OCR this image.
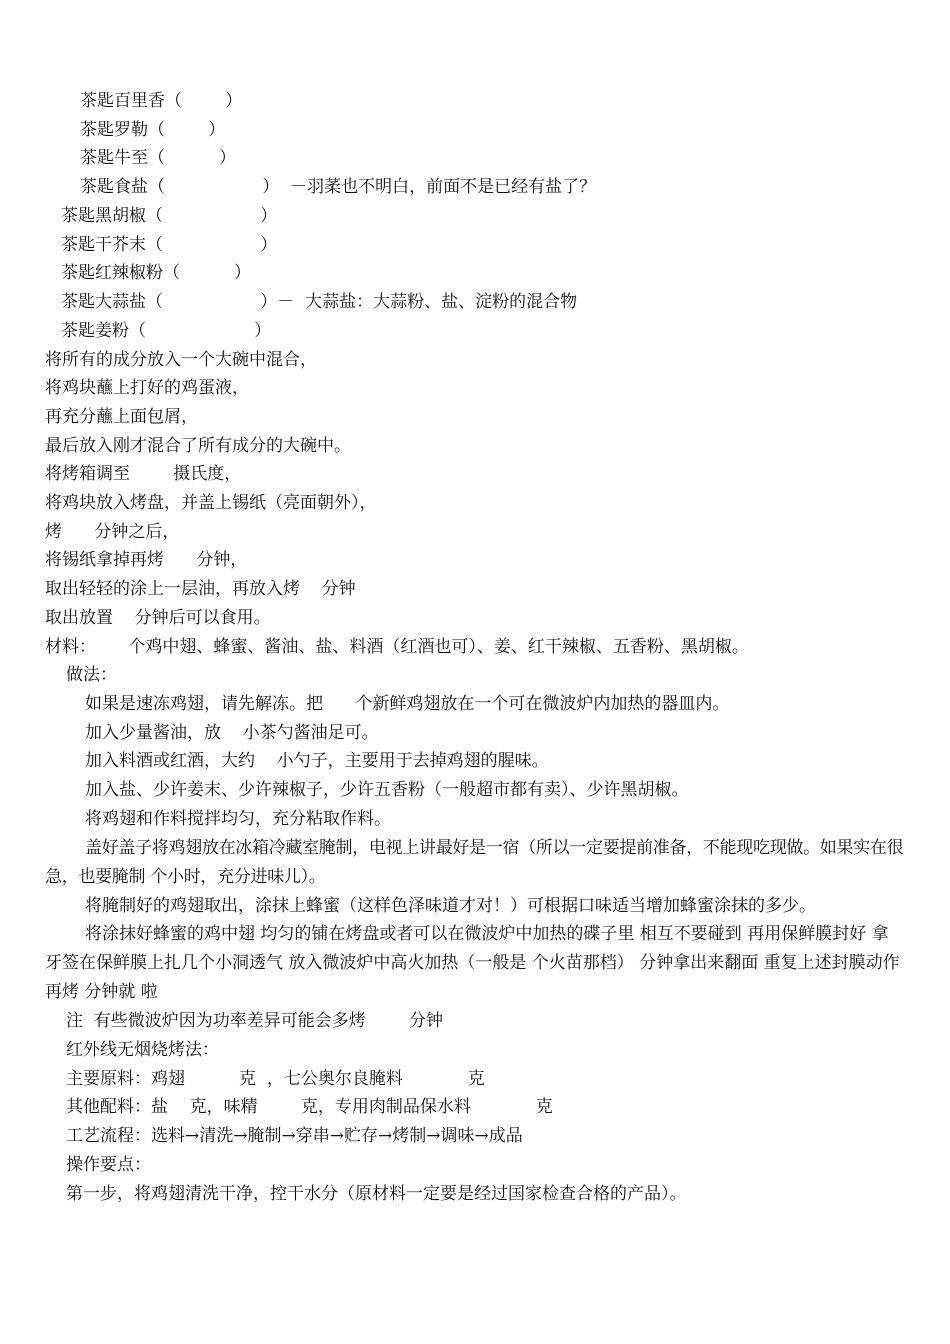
茶匙百里香（        ）
茶匙罗勒（        ）
茶匙牛至（          ）
茶匙食盐（                  ）  －羽葇也不明白，前面不是已经有盐了？
茶匙黑胡椒（                  ）
茶匙干芥末（                  ）
茶匙红辣椒粉（          ）
茶匙大蒜盐（                  ）－  大蒜盐：大蒜粉、盐、淀粉的混合物
茶匙姜粉（                    ）
将所有的成分放入一个大碗中混合，
将鸡块蘸上打好的鸡蛋液，
再充分蘸上面包屑，
最后放入刚才混合了所有成分的大碗中。
将烤箱调至        摄氏度，
将鸡块放入烤盘，并盖上锡纸（亮面朝外），
烤      分钟之后，
将锡纸拿掉再烤      分钟，
取出轻轻的涂上一层油，再放入烤    分钟
取出放置    分钟后可以食用。
材料：      个鸡中翅、蜂蜜、酱油、盐、料酒（红酒也可）、姜、红干辣椒、五香粉、黑胡椒。
做法：
如果是速冻鸡翅，请先解冻。把      个新鲜鸡翅放在一个可在微波炉内加热的器皿内。
加入少量酱油，放    小茶勺酱油足可。
加入料酒或红酒，大约    小勺子，主要用于去掉鸡翅的腥味。
加入盐、少许姜末、少许辣椒子，少许五香粉（一般超市都有卖）、少许黑胡椒。
将鸡翅和作料搅拌均匀，充分粘取作料。
盖好盖子将鸡翅放在冰箱冷藏室腌制，电视上讲最好是一宿（所以一定要提前准备，不能现吃现做。如果实在很急，也要腌制 个小时，充分进味儿）。
将腌制好的鸡翅取出，涂抹上蜂蜜（这样色泽味道才对！）可根据口味适当增加蜂蜜涂抹的多少。
将涂抹好蜂蜜的鸡中翅 均匀的铺在烤盘或者可以在微波炉中加热的碟子里 相互不要碰到 再用保鲜膜封好 拿牙签在保鲜膜上扎几个小洞透气 放入微波炉中高火加热（一般是 个火苗那档） 分钟拿出来翻面 重复上述封膜动作 再烤 分钟就 啦
注  有些微波炉因为功率差异可能会多烤        分钟
红外线无烟烧烤法：
主要原料：鸡翅          克  ，七公奥尔良腌料            克
其他配料：盐    克，味精        克，专用肉制品保水料            克
工艺流程：选料→清洗→腌制→穿串→贮存→烤制→调味→成品
操作要点：
第一步，将鸡翅清洗干净，控干水分（原材料一定要是经过国家检查合格的产品）。
